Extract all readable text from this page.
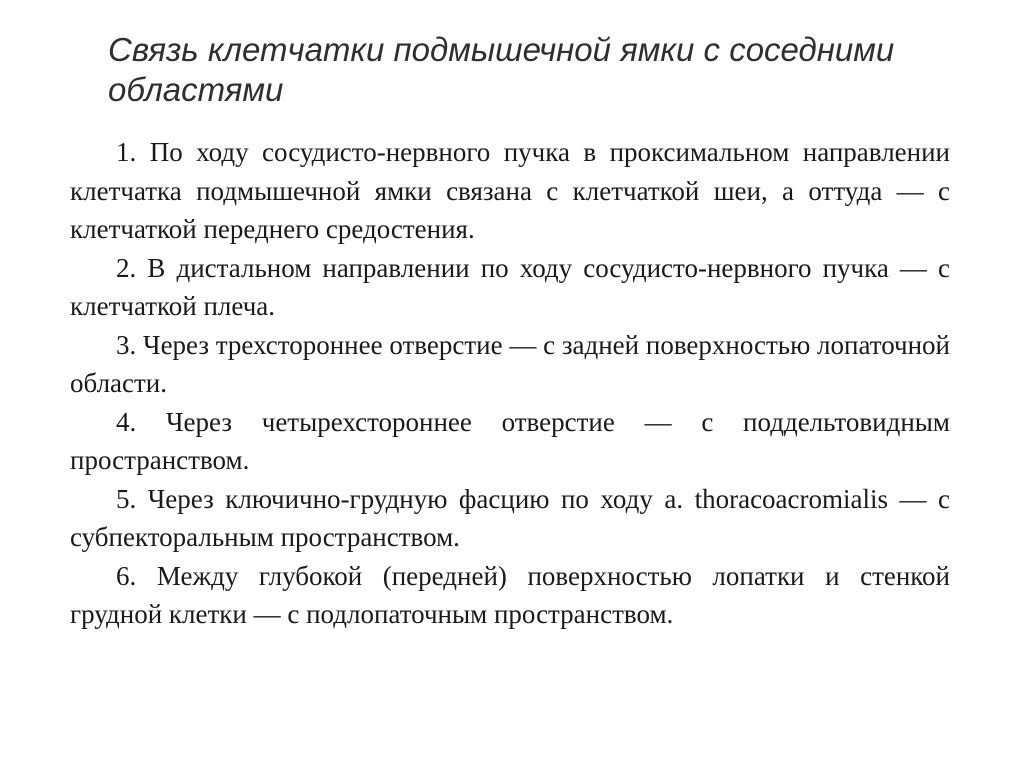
Связь клетчатки подмышечной ямки с соседними областями

1. По ходу сосудисто-нервного пучка в проксимальном направлении клетчатка подмышечной ямки связана с клетчаткой шеи, а оттуда — с клетчаткой переднего средостения.

2. В дистальном направлении по ходу сосудисто-нервного пучка — с клетчаткой плеча.

3. Через трехстороннее отверстие — с задней поверхностью лопаточной области.

4. Через четырехстороннее отверстие — с поддельтовидным пространством.

5. Через ключично-грудную фасцию по ходу a. thoracoacromialis — с субпекторальным пространством.

6. Между глубокой (передней) поверхностью лопатки и стенкой грудной клетки — с подлопаточным пространством.
